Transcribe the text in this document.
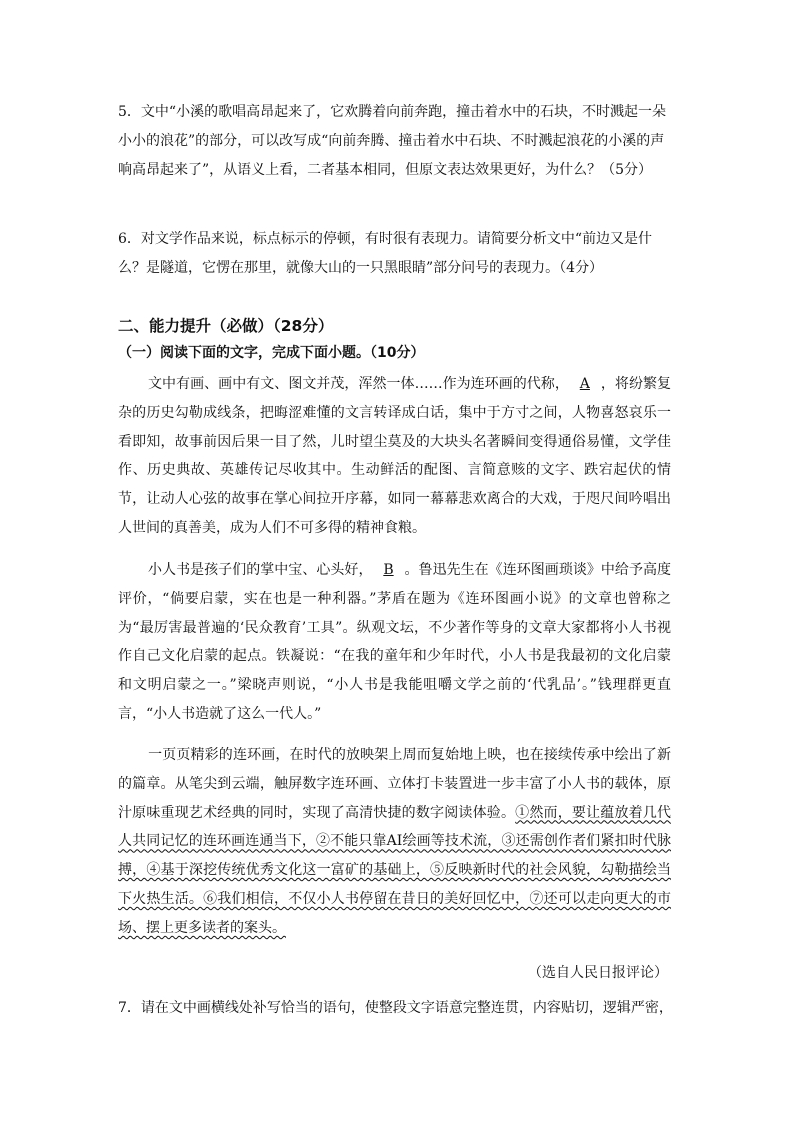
5．文中“小溪的歌唱高昂起来了，它欢腾着向前奔跑，撞击着水中的石块，不时溅起一朵小小的浪花”的部分，可以改写成“向前奔腾、撞击着水中石块、不时溅起浪花的小溪的声响高昂起来了”，从语义上看，二者基本相同，但原文表达效果更好，为什么？（5分）

6．对文学作品来说，标点标示的停顿，有时很有表现力。请简要分析文中“前边又是什么？是隧道，它愣在那里，就像大山的一只黑眼睛”部分问号的表现力。（4分）

二、能力提升（必做）（28分）
（一）阅读下面的文字，完成下面小题。（10分）

文中有画、画中有文、图文并茂，浑然一体……作为连环画的代称， A ，将纷繁复杂的历史勾勒成线条，把晦涩难懂的文言转译成白话，集中于方寸之间，人物喜怒哀乐一看即知，故事前因后果一目了然，儿时望尘莫及的大块头名著瞬间变得通俗易懂，文学佳作、历史典故、英雄传记尽收其中。生动鲜活的配图、言简意赅的文字、跌宕起伏的情节，让动人心弦的故事在掌心间拉开序幕，如同一幕幕悲欢离合的大戏，于咫尺间吟唱出人世间的真善美，成为人们不可多得的精神食粮。

小人书是孩子们的掌中宝、心头好， B 。鲁迅先生在《连环图画琐谈》中给予高度评价，“倘要启蒙，实在也是一种利器。”茅盾在题为《连环图画小说》的文章也曾称之为“最厉害最普遍的‘民众教育’工具”。纵观文坛，不少著作等身的文章大家都将小人书视作自己文化启蒙的起点。铁凝说：“在我的童年和少年时代，小人书是我最初的文化启蒙和文明启蒙之一。”梁晓声则说，“小人书是我能咀嚼文学之前的‘代乳品’。”钱理群更直言，“小人书造就了这么一代人。”

一页页精彩的连环画，在时代的放映架上周而复始地上映，也在接续传承中绘出了新的篇章。从笔尖到云端，触屏数字连环画、立体打卡装置进一步丰富了小人书的载体，原汁原味重现艺术经典的同时，实现了高清快捷的数字阅读体验。①然而，要让蕴放着几代人共同记忆的连环画连通当下，②不能只靠AI绘画等技术流，③还需创作者们紧扣时代脉搏，④基于深挖传统优秀文化这一富矿的基础上，⑤反映新时代的社会风貌，勾勒描绘当下火热生活。⑥我们相信，不仅小人书停留在昔日的美好回忆中，⑦还可以走向更大的市场、摆上更多读者的案头。

（选自人民日报评论）

7．请在文中画横线处补写恰当的语句，使整段文字语意完整连贯，内容贴切，逻辑严密，
